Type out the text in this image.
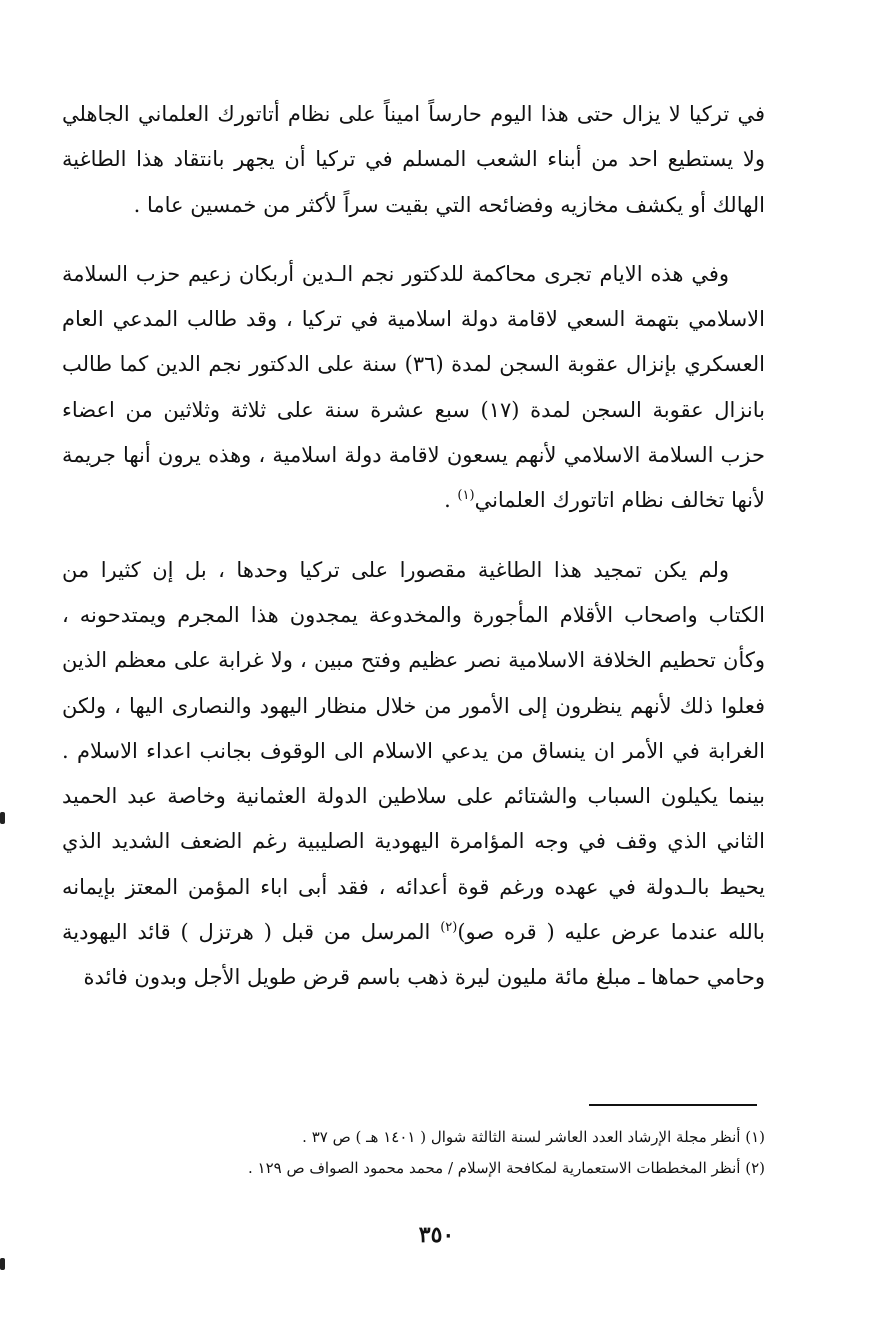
في تركيا لا يزال حتى هذا اليوم حارساً اميناً على نظام أتاتورك العلماني الجاهلي ولا يستطيع احد من أبناء الشعب المسلم في تركيا أن يجهر بانتقاد هذا الطاغية الهالك أو يكشف مخازيه وفضائحه التي بقيت سراً لأكثر من خمسين عاما .

وفي هذه الايام تجرى محاكمة للدكتور نجم الـدين أربكان زعيم حزب السلامة الاسلامي بتهمة السعي لاقامة دولة اسلامية في تركيا ، وقد طالب المدعي العام العسكري بإنزال عقوبة السجن لمدة (٣٦) سنة على الدكتور نجم الدين كما طالب بانزال عقوبة السجن لمدة (١٧) سبع عشرة سنة على ثلاثة وثلاثين من اعضاء حزب السلامة الاسلامي لأنهم يسعون لاقامة دولة اسلامية ، وهذه يرون أنها جريمة لأنها تخالف نظام اتاتورك العلماني$^{(١)}$ .

ولم يكن تمجيد هذا الطاغية مقصورا على تركيا وحدها ، بل إن كثيرا من الكتاب واصحاب الأقلام المأجورة والمخدوعة يمجدون هذا المجرم ويمتدحونه ، وكأن تحطيم الخلافة الاسلامية نصر عظيم وفتح مبين ، ولا غرابة على معظم الذين فعلوا ذلك لأنهم ينظرون إلى الأمور من خلال منظار اليهود والنصارى اليها ، ولكن الغرابة في الأمر ان ينساق من يدعي الاسلام الى الوقوف بجانب اعداء الاسلام . بينما يكيلون السباب والشتائم على سلاطين الدولة العثمانية وخاصة عبد الحميد الثاني الذي وقف في وجه المؤامرة اليهودية الصليبية رغم الضعف الشديد الذي يحيط بالـدولة في عهده ورغم قوة أعدائه ، فقد أبى اباء المؤمن المعتز بإيمانه بالله عندما عرض عليه ( قره صو)$^{(٢)}$ المرسل من قبل ( هرتزل ) قائد اليهودية وحامي حماها ـ مبلغ مائة مليون ليرة ذهب باسم قرض طويل الأجل وبدون فائدة

(١) أنظر مجلة الإرشاد العدد العاشر لسنة الثالثة شوال ( ١٤٠١ هـ ) ص ٣٧ .

(٢) أنظر المخططات الاستعمارية لمكافحة الإسلام / محمد محمود الصواف ص ١٢٩ .

٣٥٠
